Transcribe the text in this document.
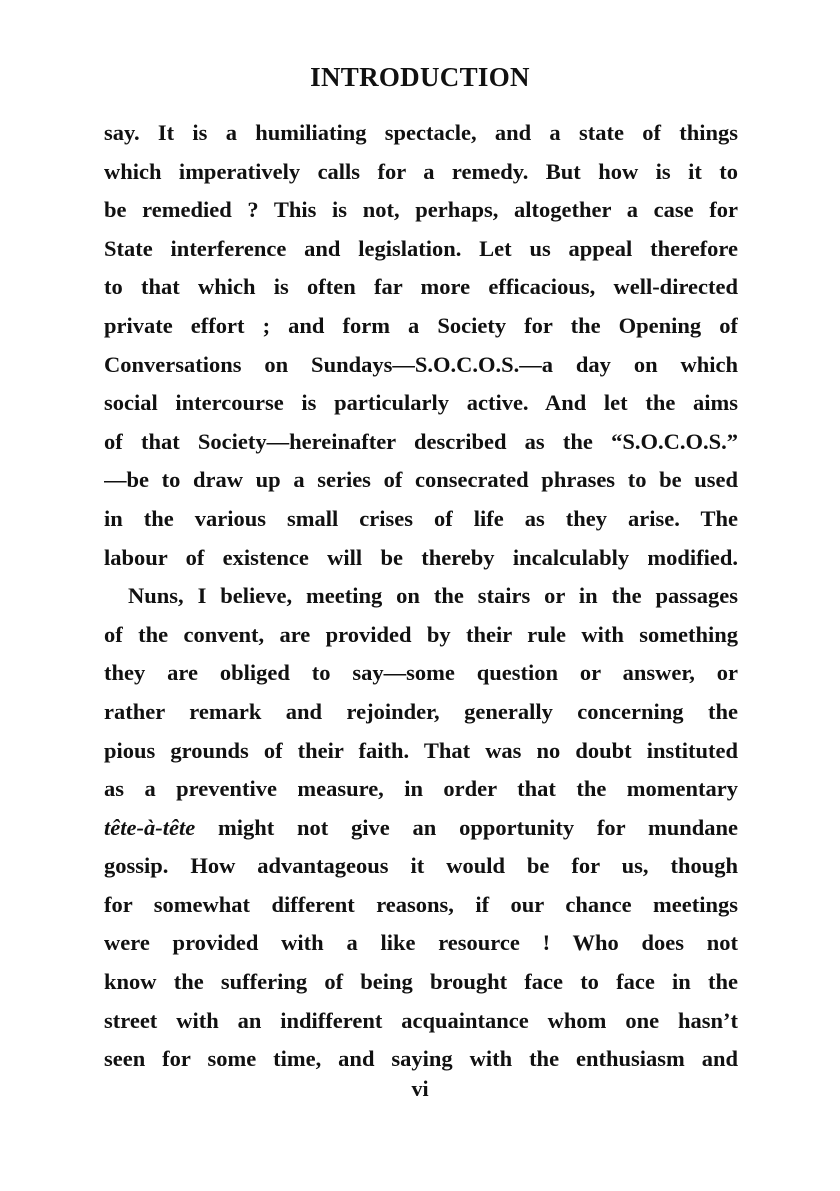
INTRODUCTION
say. It is a humiliating spectacle, and a state of things
which imperatively calls for a remedy. But how is it to
be remedied ? This is not, perhaps, altogether a case for
State interference and legislation. Let us appeal therefore
to that which is often far more efficacious, well-directed
private effort ; and form a Society for the Opening of
Conversations on Sundays—S.O.C.O.S.—a day on which
social intercourse is particularly active. And let the aims
of that Society—hereinafter described as the “S.O.C.O.S.”
—be to draw up a series of consecrated phrases to be used
in the various small crises of life as they arise. The
labour of existence will be thereby incalculably modified.
Nuns, I believe, meeting on the stairs or in the passages
of the convent, are provided by their rule with something
they are obliged to say—some question or answer, or
rather remark and rejoinder, generally concerning the
pious grounds of their faith. That was no doubt instituted
as a preventive measure, in order that the momentary
tête-à-tête might not give an opportunity for mundane
gossip. How advantageous it would be for us, though
for somewhat different reasons, if our chance meetings
were provided with a like resource ! Who does not
know the suffering of being brought face to face in the
street with an indifferent acquaintance whom one hasn’t
seen for some time, and saying with the enthusiasm and
vi
